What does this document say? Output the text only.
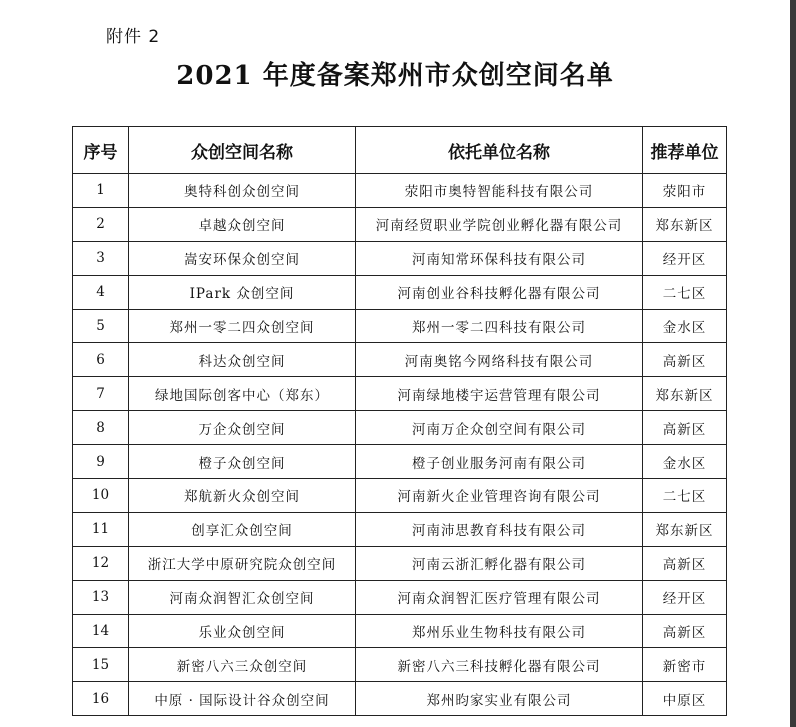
附件 2
2021 年度备案郑州市众创空间名单
序号	众创空间名称	依托单位名称	推荐单位
1	奥特科创众创空间	荥阳市奥特智能科技有限公司	荥阳市
2	卓越众创空间	河南经贸职业学院创业孵化器有限公司	郑东新区
3	嵩安环保众创空间	河南知常环保科技有限公司	经开区
4	IPark 众创空间	河南创业谷科技孵化器有限公司	二七区
5	郑州一零二四众创空间	郑州一零二四科技有限公司	金水区
6	科达众创空间	河南奥铭今网络科技有限公司	高新区
7	绿地国际创客中心（郑东）	河南绿地楼宇运营管理有限公司	郑东新区
8	万企众创空间	河南万企众创空间有限公司	高新区
9	橙子众创空间	橙子创业服务河南有限公司	金水区
10	郑航新火众创空间	河南新火企业管理咨询有限公司	二七区
11	创享汇众创空间	河南沛思教育科技有限公司	郑东新区
12	浙江大学中原研究院众创空间	河南云浙汇孵化器有限公司	高新区
13	河南众润智汇众创空间	河南众润智汇医疗管理有限公司	经开区
14	乐业众创空间	郑州乐业生物科技有限公司	高新区
15	新密八六三众创空间	新密八六三科技孵化器有限公司	新密市
16	中原 · 国际设计谷众创空间	郑州昀家实业有限公司	中原区
